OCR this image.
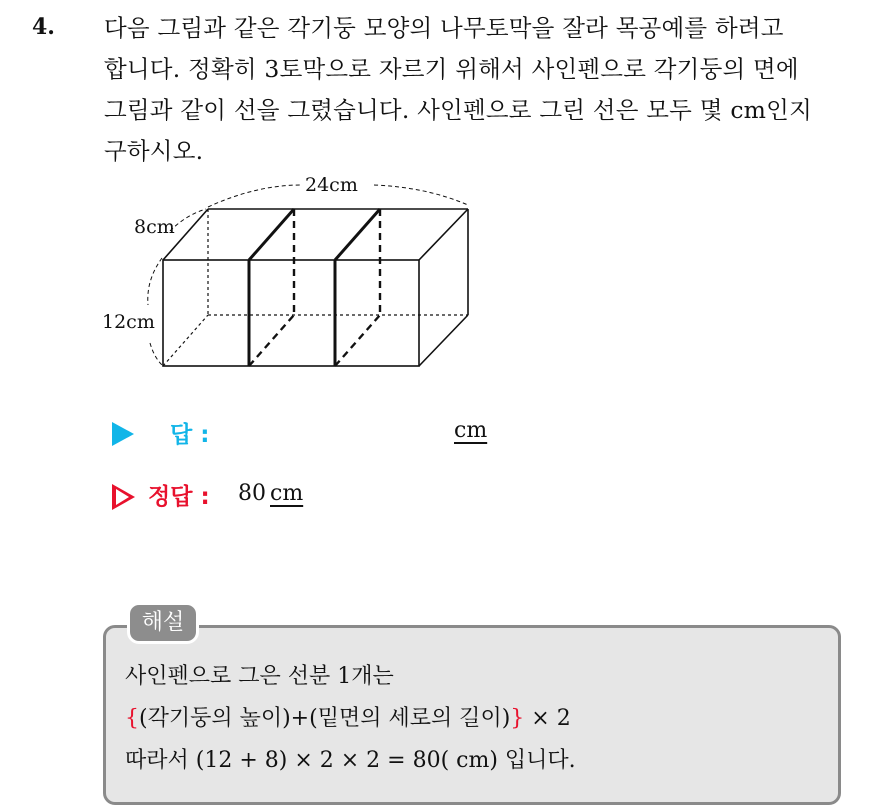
4. 다음 그림과 같은 각기둥 모양의 나무토막을 잘라 목공예를 하려고
합니다. 정확히 3토막으로 자르기 위해서 사인펜으로 각기둥의 면에
그림과 같이 선을 그렸습니다. 사인펜으로 그린 선은 모두 몇 cm인지
구하시오.
24cm
8cm
12cm
답 :	cm
정답 : 80 cm
해설
사인펜으로 그은 선분 1개는
{(각기둥의 높이)+(밑면의 세로의 길이)} × 2
따라서 (12 + 8) × 2 × 2 = 80( cm) 입니다.
